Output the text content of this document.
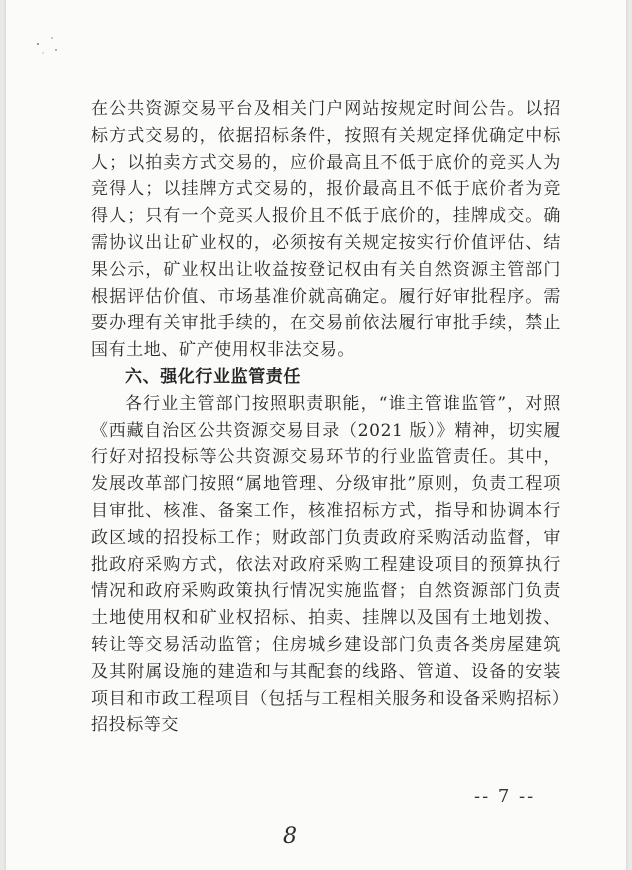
在公共资源交易平台及相关门户网站按规定时间公告。以招标方式交易的，依据招标条件，按照有关规定择优确定中标人；以拍卖方式交易的，应价最高且不低于底价的竞买人为竞得人；以挂牌方式交易的，报价最高且不低于底价者为竞得人；只有一个竞买人报价且不低于底价的，挂牌成交。确需协议出让矿业权的，必须按有关规定按实行价值评估、结果公示，矿业权出让收益按登记权由有关自然资源主管部门根据评估价值、市场基准价就高确定。履行好审批程序。需要办理有关审批手续的，在交易前依法履行审批手续，禁止国有土地、矿产使用权非法交易。

六、强化行业监管责任

各行业主管部门按照职责职能，“谁主管谁监管”，对照《西藏自治区公共资源交易目录（2021 版）》精神，切实履行好对招投标等公共资源交易环节的行业监管责任。其中，发展改革部门按照“属地管理、分级审批”原则，负责工程项目审批、核准、备案工作，核准招标方式，指导和协调本行政区域的招投标工作；财政部门负责政府采购活动监督，审批政府采购方式，依法对政府采购工程建设项目的预算执行情况和政府采购政策执行情况实施监督；自然资源部门负责土地使用权和矿业权招标、拍卖、挂牌以及国有土地划拨、转让等交易活动监管；住房城乡建设部门负责各类房屋建筑及其附属设施的建造和与其配套的线路、管道、设备的安装项目和市政工程项目（包括与工程相关服务和设备采购招标）招投标等交

-- 7 --
8
